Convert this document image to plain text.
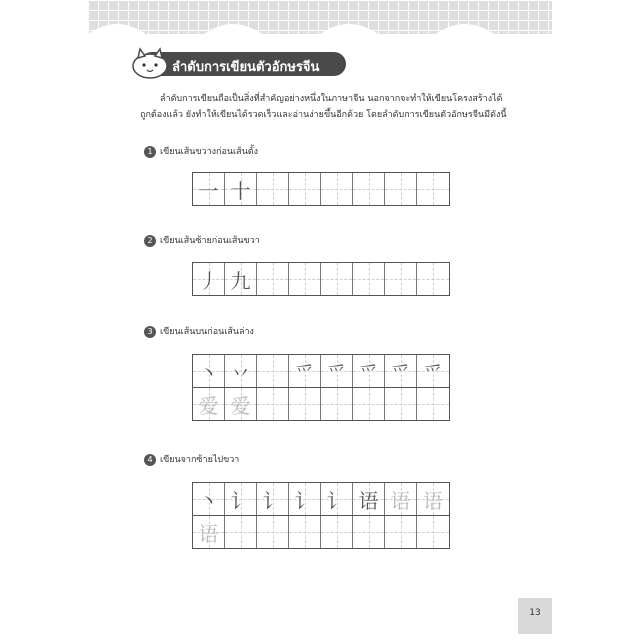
ลำดับการเขียนตัวอักษรจีน
ลำดับการเขียนถือเป็นสิ่งที่สำคัญอย่างหนึ่งในภาษาจีน นอกจากจะทำให้เขียนโครงสร้างได้
ถูกต้องแล้ว ยังทำให้เขียนได้รวดเร็วและอ่านง่ายขึ้นอีกด้วย โดยลำดับการเขียนตัวอักษรจีนมีดังนี้
1 เขียนเส้นขวางก่อนเส้นตั้ง
一 十
2 เขียนเส้นซ้ายก่อนเส้นขวา
丿 九
3 เขียนเส้นบนก่อนเส้นล่าง
丶 丷 爫 爫 爫 爫 爫
爱 爱
4 เขียนจากซ้ายไปขวา
丶 讠 讠 讠 讠 语 语 语
语
13
